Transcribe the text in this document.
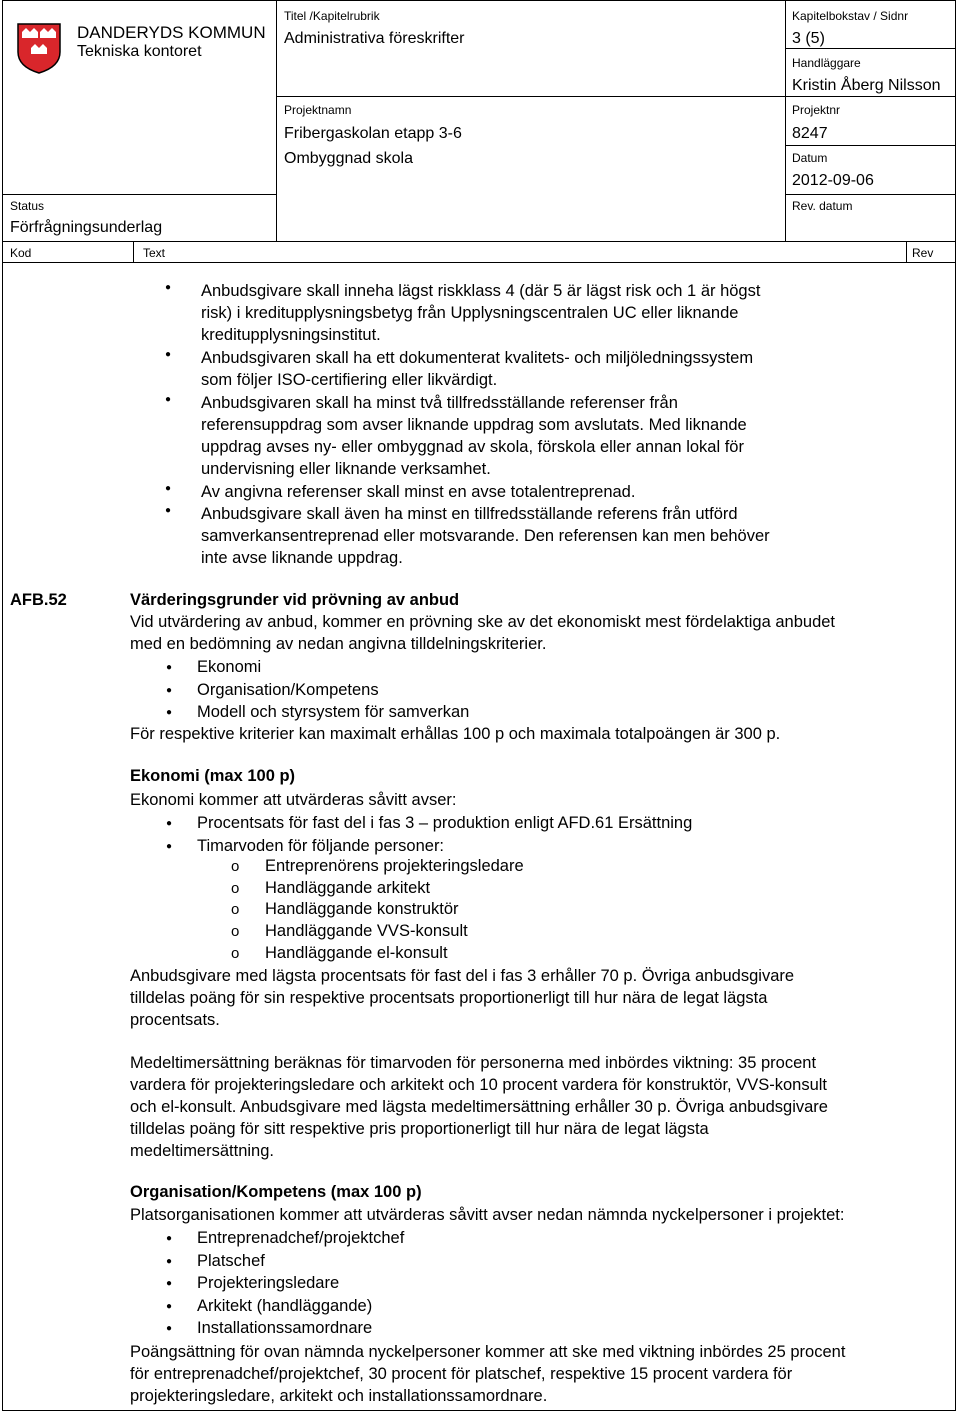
DANDERYDS KOMMUN
Tekniska kontoret
Titel /Kapitelrubrik
Administrativa föreskrifter
Projektnamn
Fribergaskolan etapp 3-6
Ombyggnad skola
Kapitelbokstav / Sidnr
3 (5)
Handläggare
Kristin Åberg Nilsson
Projektnr
8247
Datum
2012-09-06
Rev. datum
Status
Förfrågningsunderlag
Kod	Text	Rev
● Anbudsgivare skall inneha lägst riskklass 4 (där 5 är lägst risk och 1 är högst
risk) i kreditupplysningsbetyg från Upplysningscentralen UC eller liknande
kreditupplysningsinstitut.
● Anbudsgivaren skall ha ett dokumenterat kvalitets- och miljöledningssystem
som följer ISO-certifiering eller likvärdigt.
● Anbudsgivaren skall ha minst två tillfredsställande referenser från
referensuppdrag som avser liknande uppdrag som avslutats. Med liknande
uppdrag avses ny- eller ombyggnad av skola, förskola eller annan lokal för
undervisning eller liknande verksamhet.
● Av angivna referenser skall minst en avse totalentreprenad.
● Anbudsgivare skall även ha minst en tillfredsställande referens från utförd
samverkansentreprenad eller motsvarande. Den referensen kan men behöver
inte avse liknande uppdrag.
AFB.52	Värderingsgrunder vid prövning av anbud
Vid utvärdering av anbud, kommer en prövning ske av det ekonomiskt mest fördelaktiga anbudet
med en bedömning av nedan angivna tilldelningskriterier.
● Ekonomi
● Organisation/Kompetens
● Modell och styrsystem för samverkan
För respektive kriterier kan maximalt erhållas 100 p och maximala totalpoängen är 300 p.
Ekonomi (max 100 p)
Ekonomi kommer att utvärderas såvitt avser:
● Procentsats för fast del i fas 3 – produktion enligt AFD.61 Ersättning
● Timarvoden för följande personer:
o Entreprenörens projekteringsledare
o Handläggande arkitekt
o Handläggande konstruktör
o Handläggande VVS-konsult
o Handläggande el-konsult
Anbudsgivare med lägsta procentsats för fast del i fas 3 erhåller 70 p. Övriga anbudsgivare
tilldelas poäng för sin respektive procentsats proportionerligt till hur nära de legat lägsta
procentsats.
Medeltimersättning beräknas för timarvoden för personerna med inbördes viktning: 35 procent
vardera för projekteringsledare och arkitekt och 10 procent vardera för konstruktör, VVS-konsult
och el-konsult. Anbudsgivare med lägsta medeltimersättning erhåller 30 p. Övriga anbudsgivare
tilldelas poäng för sitt respektive pris proportionerligt till hur nära de legat lägsta
medeltimersättning.
Organisation/Kompetens (max 100 p)
Platsorganisationen kommer att utvärderas såvitt avser nedan nämnda nyckelpersoner i projektet:
● Entreprenadchef/projektchef
● Platschef
● Projekteringsledare
● Arkitekt (handläggande)
● Installationssamordnare
Poängsättning för ovan nämnda nyckelpersoner kommer att ske med viktning inbördes 25 procent
för entreprenadchef/projektchef, 30 procent för platschef, respektive 15 procent vardera för
projekteringsledare, arkitekt och installationssamordnare.
